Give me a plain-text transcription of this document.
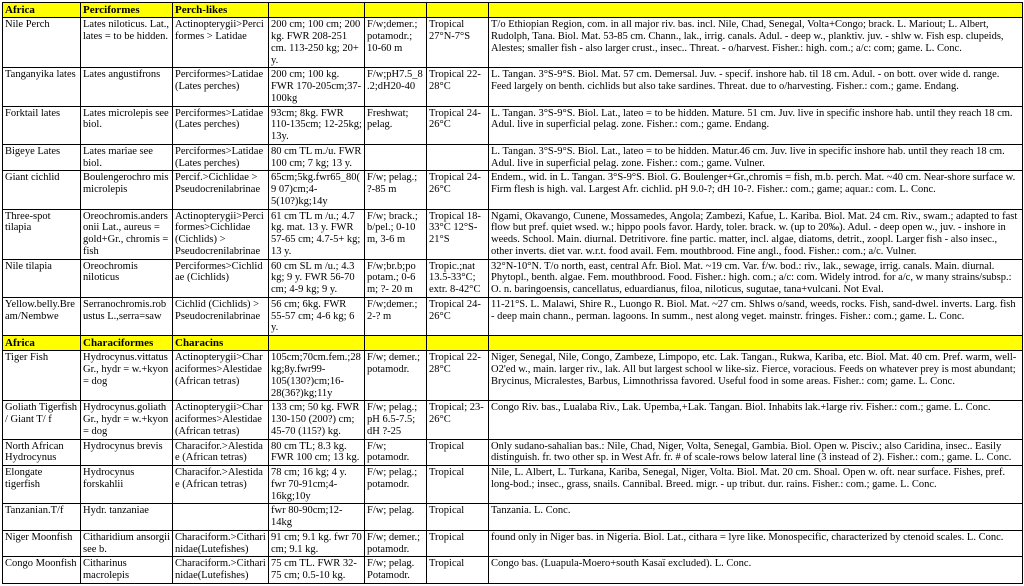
Africa	Perciformes	Perch-likes				
Nile Perch	Lates niloticus. Lat., lates = to be hidden.	Actinopterygii>Perciformes > Latidae	200 cm; 100 cm; 200 kg. FWR 208-251 cm. 113-250 kg; 20+ y.	F/w;demer.; potamodr.; 10-60 m	Tropical 27°N-7°S	T/o Ethiopian Region, com. in all major riv. bas. incl. Nile, Chad, Senegal, Volta+Congo; brack. L. Mariout; L. Albert, Rudolph, Tana. Biol. Mat. 53-85 cm. Chann., lak., irrig. canals. Adul. - deep w., planktiv. juv. - shlw w. Fish esp. clupeids, Alestes; smaller fish - also larger crust., insec.. Threat. - o/harvest. Fisher.: high. com.; a/c: com; game. L. Conc.
Tanganyika lates	Lates angustifrons	Perciformes>Latidae (Lates perches)	200 cm; 100 kg. FWR 170-205cm;37-100kg	F/w;pH7.5_8.2;dH20-40	Tropical 22-28°C	L. Tangan. 3°S-9°S. Biol. Mat. 57 cm. Demersal. Juv. - specif. inshore hab. til 18 cm. Adul. - on bott. over wide d. range. Feed largely on benth. cichlids but also take sardines. Threat. due to o/harvesting. Fisher.: com.; game. Endang.
Forktail lates	Lates microlepis see biol.	Perciformes>Latidae (Lates perches)	93cm; 8kg. FWR 110-135cm; 12-25kg; 13y.	Freshwat; pelag.	Tropical 24-26°C	L. Tangan. 3°S-9°S. Biol. Lat., lateo = to be hidden. Mature. 51 cm. Juv. live in specific inshore hab. until they reach 18 cm. Adul. live in superficial pelag. zone. Fisher.: com.; game. Endang.
Bigeye Lates	Lates mariae see biol.	Perciformes>Latidae (Lates perches)	80 cm TL m./u. FWR 100 cm; 7 kg; 13 y.			L. Tangan. 3°S-9°S. Biol. Lat., lateo = to be hidden. Matur.46 cm. Juv. live in specific inshore hab. until they reach 18 cm. Adul. live in superficial pelag. zone. Fisher.: com.; game. Vulner.
Giant cichlid	Boulengerochro mis microlepis	Percif.>Cichlidae > Pseudocrenilabrinae	65cm;5kg.fwr65_80(9 07)cm;4-5(10?)kg;14y	F/w; pelag.; ?-85 m	Tropical 24-26°C	Endem., wid. in L. Tangan. 3°S-9°S. Biol. G. Boulenger+Gr.,chromis = fish, m.b. perch. Mat. ~40 cm. Near-shore surface w. Firm flesh is high. val. Largest Afr. cichlid. pH 9.0-?; dH 10-?. Fisher.: com.; game; aquar.: com. L. Conc.
Three-spot tilapia	Oreochromis.andersonii Lat., aureus = gold+Gr., chromis = fish	Actinopterygii>Perciformes>Cichlidae (Cichlids) > Pseudocrenilabrinae	61 cm TL m /u.; 4.7 kg. mat. 13 y. FWR 57-65 cm; 4.7-5+ kg; 13 y.	F/w; brack.; b/pel.; 0-10 m, 3-6 m	Tropical 18-33°C 12°S-21°S	Ngami, Okavango, Cunene, Mossamedes, Angola; Zambezi, Kafue, L. Kariba. Biol. Mat. 24 cm. Riv., swam.; adapted to fast flow but pref. quiet wsed. w.; hippo pools favor. Hardy, toler. brack. w. (up to 20‰). Adul. - deep open w., juv. - inshore in weeds. School. Main. diurnal. Detritivore. fine partic. matter, incl. algae, diatoms, detrit., zoopl. Larger fish - also insec., other inverts. diet var. w.r.t. food avail. Fem. mouthbrood. Fine angl., food. Fisher.: com.; a/c. Vulner.
Nile tilapia	Oreochromis niloticus	Perciformes>Cichlidae (Cichlids)	60 cm SL m /u.; 4.3 kg; 9 y. FWR 56-70 cm; 4-9 kg; 9 y.	F/w;br.b;po potam.; 0-6 m; ?- 20 m	Tropic.;nat 13.5-33°C; extr. 8-42°C	32°N-10°N. T/o north, east, central Afr. Biol. Mat. ~19 cm. Var. f/w. bod.: riv., lak., sewage, irrig. canals. Main. diurnal. Phytopl., benth. algae. Fem. mouthbrood. Food. Fisher.: high. com.; a/c: com. Widely introd. for a/c, w many strains/subsp.: O. n. baringoensis, cancellatus, eduardianus, filoa, niloticus, sugutae, tana+vulcani. Not Eval.
Yellow.belly.Bream/Nembwe	Serranochromis.robustus L.,serra=saw	Cichlid (Cichlids) > Pseudocrenilabrinae	56 cm; 6kg. FWR 55-57 cm; 4-6 kg; 6 y.	F/w;demer.; 2-? m	Tropical 24-26°C	11-21°S. L. Malawi, Shire R., Luongo R. Biol. Mat. ~27 cm. Shlws o/sand, weeds, rocks. Fish, sand-dwel. inverts. Larg. fish - deep main chann., perman. lagoons. In summ., nest along veget. mainstr. fringes. Fisher.: com.; game. L. Conc.
Africa	Characiformes	Characins				
Tiger Fish	Hydrocynus.vittatus Gr., hydr = w.+kyon = dog	Actinopterygii>Characiformes>Alestidae (African tetras)	105cm;70cm.fem.;28kg;8y.fwr99-105(130?)cm;16-28(36?)kg;11y	F/w; demer.; potamodr.	Tropical 22-28°C	Niger, Senegal, Nile, Congo, Zambeze, Limpopo, etc. Lak. Tangan., Rukwa, Kariba, etc. Biol. Mat. 40 cm. Pref. warm, well-O2'ed w., main. larger riv., lak. All but largest school w like-siz. Fierce, voracious. Feeds on whatever prey is most abundant; Brycinus, Micralestes, Barbus, Limnothrissa favored. Useful food in some areas. Fisher.: com; game. L. Conc.
Goliath Tigerfish / Giant T/ f	Hydrocynus.goliath Gr., hydr = w.+kyon = dog	Actinopterygii>Characiformes>Alestidae (African tetras)	133 cm; 50 kg. FWR 130-150 (200?) cm; 45-70 (115?) kg.	F/w; pelag.; pH 6.5-7.5; dH ?-25	Tropical; 23-26°C	Congo Riv. bas., Lualaba Riv., Lak. Upemba,+Lak. Tangan. Biol. Inhabits lak.+large riv. Fisher.: com.; game. L. Conc.
North African Hydrocynus	Hydrocynus brevis	Characifor.>Alestidae (African tetras)	80 cm TL; 8.3 kg. FWR 100 cm; 13 kg.	F/w; potamodr.	Tropical	Only sudano-sahalian bas.: Nile, Chad, Niger, Volta, Senegal, Gambia. Biol. Open w. Pisciv.; also Caridina, insec.. Easily distinguish. fr. two other sp. in West Afr. fr. # of scale-rows below lateral line (3 instead of 2). Fisher.: com.; game. L. Conc.
Elongate tigerfish	Hydrocynus forskahlii	Characifor.>Alestidae (African tetras)	78 cm; 16 kg; 4 y. fwr 70-91cm;4-16kg;10y	F/w; pelag.; potamodr.	Tropical	Nile, L. Albert, L. Turkana, Kariba, Senegal, Niger, Volta. Biol. Mat. 20 cm. Shoal. Open w. oft. near surface. Fishes, pref. long-bod.; insec., grass, snails. Cannibal. Breed. migr. - up tribut. dur. rains. Fisher.: com.; game. L. Conc.
Tanzanian.T/f	Hydr. tanzaniae		fwr 80-90cm;12-14kg	F/w; pelag.	Tropical	Tanzania. L. Conc.
Niger Moonfish	Citharidium ansorgii see b.	Characiform.>Citharinidae(Lutefishes)	91 cm; 9.1 kg. fwr 70 cm; 9.1 kg.	F/w; demer.; potamodr.	Tropical	found only in Niger bas. in Nigeria. Biol. Lat., cithara = lyre like. Monospecific, characterized by ctenoid scales. L. Conc.
Congo Moonfish	Citharinus macrolepis	Characiform.>Citharinidae(Lutefishes)	75 cm TL. FWR 32-75 cm; 0.5-10 kg.	F/w; pelag. Potamodr.	Tropical	Congo bas. (Luapula-Moero+south Kasaï excluded). L. Conc.
